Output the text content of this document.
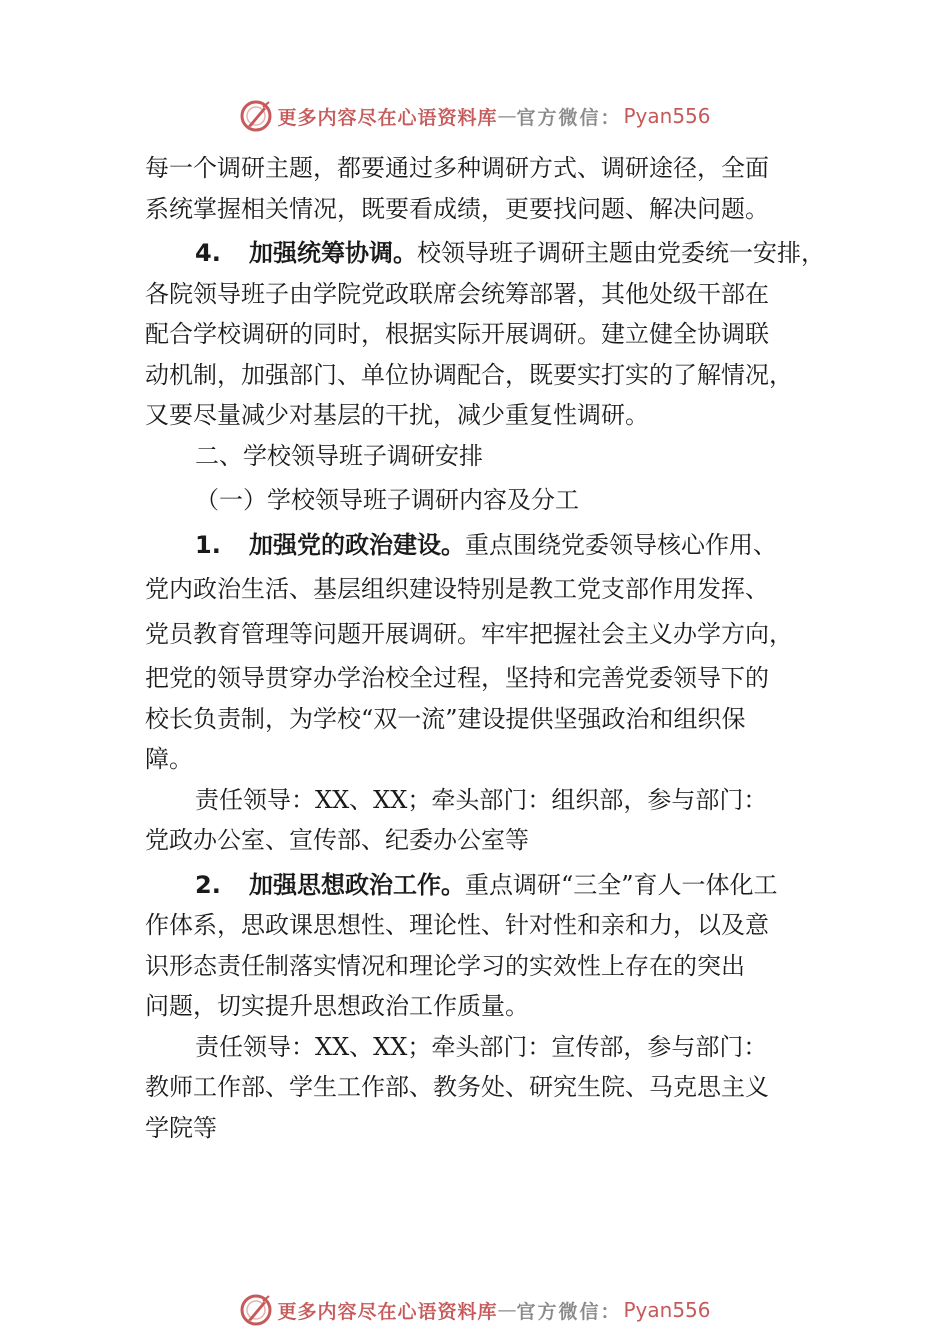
更多内容尽在心语资料库 — 官方微信： Pyan556
每一个调研主题，都要通过多种调研方式、调研途径，全面
系统掌握相关情况，既要看成绩，更要找问题、解决问题。
4. 加强统筹协调。校领导班子调研主题由党委统一安排，
各院领导班子由学院党政联席会统筹部署，其他处级干部在
配合学校调研的同时，根据实际开展调研。建立健全协调联
动机制，加强部门、单位协调配合，既要实打实的了解情况，
又要尽量减少对基层的干扰，减少重复性调研。
二、学校领导班子调研安排
（一）学校领导班子调研内容及分工
1. 加强党的政治建设。重点围绕党委领导核心作用、
党内政治生活、基层组织建设特别是教工党支部作用发挥、
党员教育管理等问题开展调研。牢牢把握社会主义办学方向，
把党的领导贯穿办学治校全过程，坚持和完善党委领导下的
校长负责制，为学校“双一流”建设提供坚强政治和组织保
障。
责任领导：XX、XX；牵头部门：组织部，参与部门：
党政办公室、宣传部、纪委办公室等
2. 加强思想政治工作。重点调研“三全”育人一体化工
作体系，思政课思想性、理论性、针对性和亲和力，以及意
识形态责任制落实情况和理论学习的实效性上存在的突出
问题，切实提升思想政治工作质量。
责任领导：XX、XX；牵头部门：宣传部，参与部门：
教师工作部、学生工作部、教务处、研究生院、马克思主义
学院等
更多内容尽在心语资料库 — 官方微信： Pyan556
